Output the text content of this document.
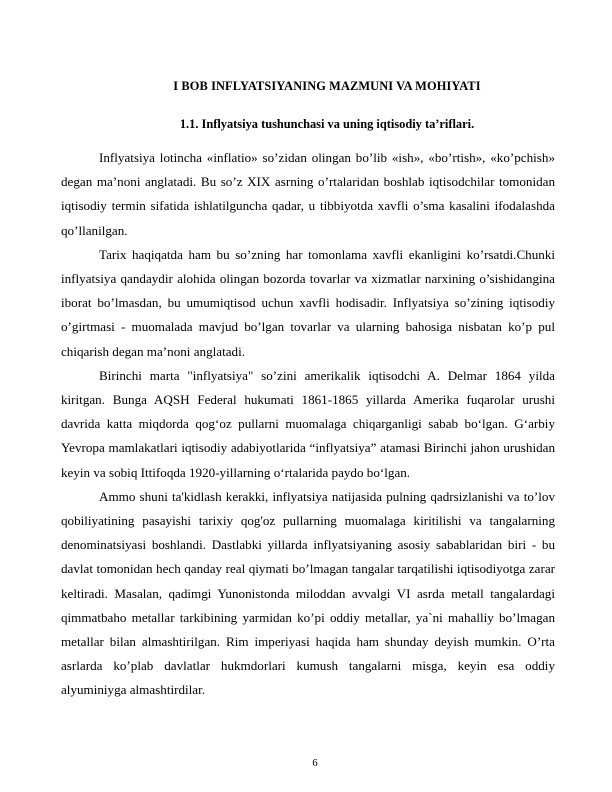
I BOB INFLYATSIYANING MAZMUNI VA MOHIYATI
1.1. Inflyatsiya tushunchasi va uning iqtisodiy ta’riflari.

Inflyatsiya lotincha «inflatio» so’zidan olingan bo’lib «ish», «bo’rtish», «ko’pchish» degan ma’noni anglatadi. Bu so’z XIX asrning o’rtalaridan boshlab iqtisodchilar tomonidan iqtisodiy termin sifatida ishlatilguncha qadar, u tibbiyotda xavfli o’sma kasalini ifodalashda qo’llanilgan.

Tarix haqiqatda ham bu so’zning har tomonlama xavfli ekanligini ko’rsatdi.Chunki inflyatsiya qandaydir alohida olingan bozorda tovarlar va xizmatlar narxining o’sishidangina iborat bo’lmasdan, bu umumiqtisod uchun xavfli hodisadir. Inflyatsiya so’zining iqtisodiy o’girtmasi - muomalada mavjud bo’lgan tovarlar va ularning bahosiga nisbatan ko’p pul chiqarish degan ma’noni anglatadi.

Birinchi marta "inflyatsiya" so’zini amerikalik iqtisodchi A. Delmar 1864 yilda kiritgan. Bunga AQSH Federal hukumati 1861-1865 yillarda Amerika fuqarolar urushi davrida katta miqdorda qog‘oz pullarni muomalaga chiqarganligi sabab bo‘lgan. G‘arbiy Yevropa mamlakatlari iqtisodiy adabiyotlarida “inflyatsiya” atamasi Birinchi jahon urushidan keyin va sobiq Ittifoqda 1920-yillarning o‘rtalarida paydo bo‘lgan.

Ammo shuni ta'kidlash kerakki, inflyatsiya natijasida pulning qadrsizlanishi va to’lov qobiliyatining pasayishi tarixiy qog'oz pullarning muomalaga kiritilishi va tangalarning denominatsiyasi boshlandi. Dastlabki yillarda inflyatsiyaning asosiy sabablaridan biri - bu davlat tomonidan hech qanday real qiymati bo’lmagan tangalar tarqatilishi iqtisodiyotga zarar keltiradi. Masalan, qadimgi Yunonistonda miloddan avvalgi VI asrda metall tangalardagi qimmatbaho metallar tarkibining yarmidan ko’pi oddiy metallar, ya`ni mahalliy bo’lmagan metallar bilan almashtirilgan. Rim imperiyasi haqida ham shunday deyish mumkin. O’rta asrlarda ko’plab davlatlar hukmdorlari kumush tangalarni misga, keyin esa oddiy alyuminiyga almashtirdilar.

6
